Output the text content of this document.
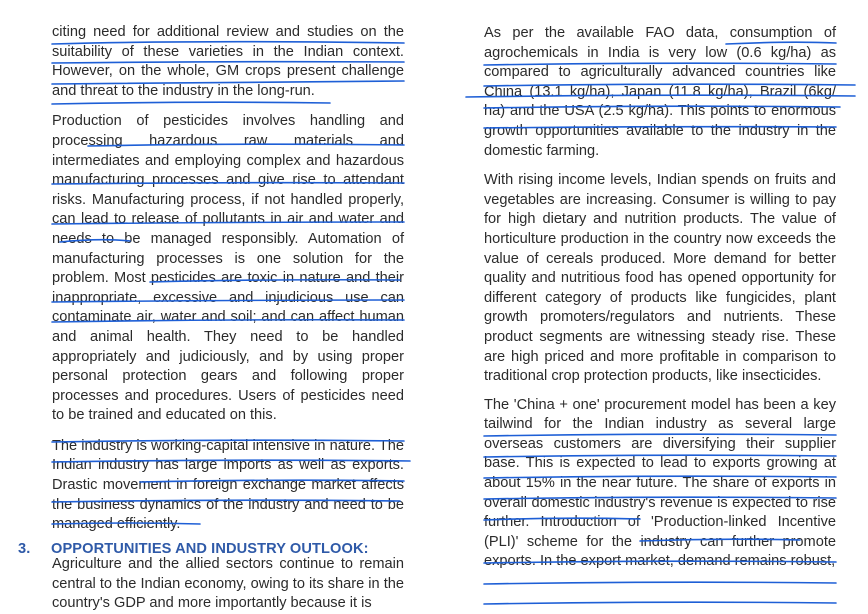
citing need for additional review and studies on the suitability of these varieties in the Indian context. However, on the whole, GM crops present challenge and threat to the industry in the long-run.

Production of pesticides involves handling and processing hazardous raw materials and intermediates and employing complex and hazardous manufacturing processes and give rise to attendant risks. Manufacturing process, if not handled properly, can lead to release of pollutants in air and water and needs to be managed responsibly. Automation of manufacturing processes is one solution for the problem. Most pesticides are toxic in nature and their inappropriate, excessive and injudicious use can contaminate air, water and soil; and can affect human and animal health. They need to be handled appropriately and judiciously, and by using proper personal protection gears and following proper processes and procedures. Users of pesticides need to be trained and educated on this.

The industry is working-capital intensive in nature. The Indian industry has large imports as well as exports. Drastic movement in foreign exchange market affects the business dynamics of the industry and need to be managed efficiently.

3. OPPORTUNITIES AND INDUSTRY OUTLOOK:

Agriculture and the allied sectors continue to remain central to the Indian economy, owing to its share in the country's GDP and more importantly because it is

As per the available FAO data, consumption of agrochemicals in India is very low (0.6 kg/ha) as compared to agriculturally advanced countries like China (13.1 kg/ha), Japan (11.8 kg/ha), Brazil (6kg/ ha) and the USA (2.5 kg/ha). This points to enormous growth opportunities available to the industry in the domestic farming.

With rising income levels, Indian spends on fruits and vegetables are increasing. Consumer is willing to pay for high dietary and nutrition products. The value of horticulture production in the country now exceeds the value of cereals produced. More demand for better quality and nutritious food has opened opportunity for different category of products like fungicides, plant growth promoters/regulators and nutrients. These product segments are witnessing steady rise. These are high priced and more profitable in comparison to traditional crop protection products, like insecticides.

The 'China + one' procurement model has been a key tailwind for the Indian industry as several large overseas customers are diversifying their supplier base. This is expected to lead to exports growing at about 15% in the near future. The share of exports in overall domestic industry's revenue is expected to rise further. Introduction of 'Production-linked Incentive (PLI)' scheme for the industry can further promote exports. In the export market, demand remains robust,
